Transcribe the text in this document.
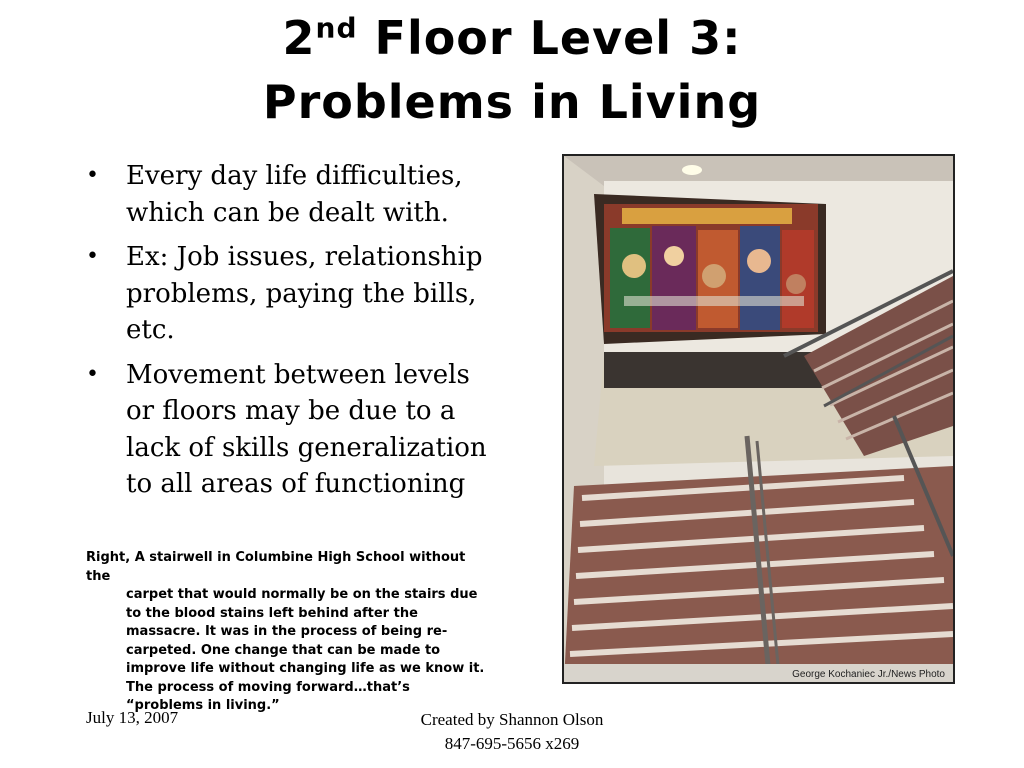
2nd Floor Level 3:
Problems in Living
• Every day life difficulties, which can be dealt with.
• Ex: Job issues, relationship problems, paying the bills, etc.
• Movement between levels or floors may be due to a lack of skills generalization to all areas of functioning
Right, A stairwell in Columbine High School without the
carpet that would normally be on the stairs due to the blood stains left behind after the massacre. It was in the process of being re-carpeted. One change that can be made to improve life without changing life as we know it. The process of moving forward…that’s “problems in living.”
George Kochaniec Jr./News Photo
July 13, 2007	Created by Shannon Olson
847-695-5656 x269
